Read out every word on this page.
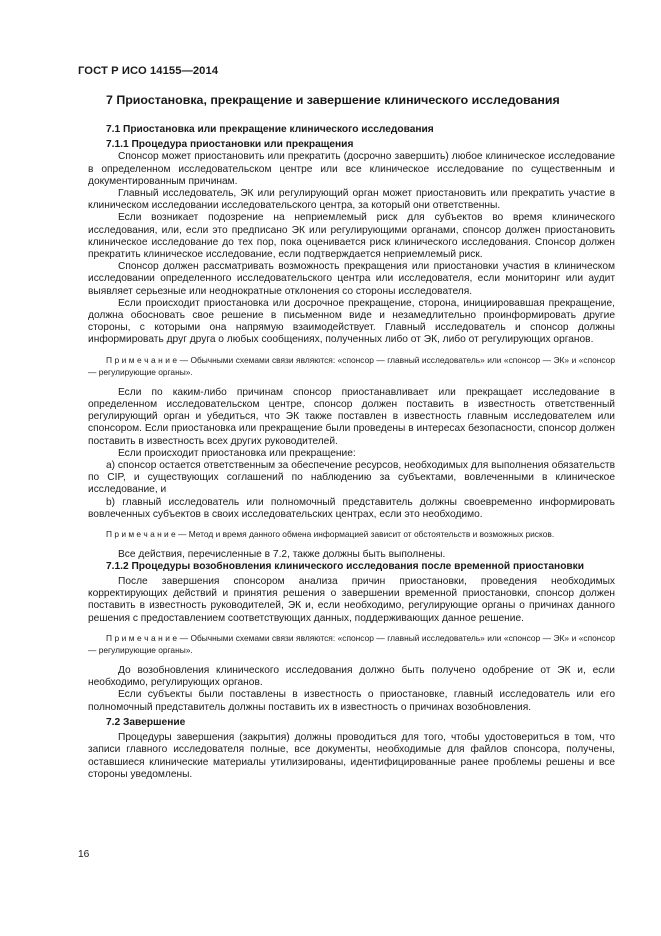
ГОСТ Р ИСО 14155—2014
7 Приостановка, прекращение и завершение клинического исследования
7.1 Приостановка или прекращение клинического исследования
7.1.1 Процедура приостановки или прекращения

Спонсор может приостановить или прекратить (досрочно завершить) любое клиническое исследование в определенном исследовательском центре или все клиническое исследование по существенным и документированным причинам.

Главный исследователь, ЭК или регулирующий орган может приостановить или прекратить участие в клиническом исследовании исследовательского центра, за который они ответственны.

Если возникает подозрение на неприемлемый риск для субъектов во время клинического исследования, или, если это предписано ЭК или регулирующими органами, спонсор должен приостановить клиническое исследование до тех пор, пока оценивается риск клинического исследования. Спонсор должен прекратить клиническое исследование, если подтверждается неприемлемый риск.

Спонсор должен рассматривать возможность прекращения или приостановки участия в клиническом исследовании определенного исследовательского центра или исследователя, если мониторинг или аудит выявляет серьезные или неоднократные отклонения со стороны исследователя.

Если происходит приостановка или досрочное прекращение, сторона, инициировавшая прекращение, должна обосновать свое решение в письменном виде и незамедлительно проинформировать другие стороны, с которыми она напрямую взаимодействует. Главный исследователь и спонсор должны информировать друг друга о любых сообщениях, полученных либо от ЭК, либо от регулирующих органов.

П р и м е ч а н и е — Обычными схемами связи являются: «спонсор — главный исследователь» или «спонсор — ЭК» и «спонсор — регулирующие органы».

Если по каким-либо причинам спонсор приостанавливает или прекращает исследование в определенном исследовательском центре, спонсор должен поставить в известность ответственный регулирующий орган и убедиться, что ЭК также поставлен в известность главным исследователем или спонсором. Если приостановка или прекращение были проведены в интересах безопасности, спонсор должен поставить в известность всех других руководителей.

Если происходит приостановка или прекращение:

a) спонсор остается ответственным за обеспечение ресурсов, необходимых для выполнения обязательств по CIP, и существующих соглашений по наблюдению за субъектами, вовлеченными в клиническое исследование, и

b) главный исследователь или полномочный представитель должны своевременно информировать вовлеченных субъектов в своих исследовательских центрах, если это необходимо.

П р и м е ч а н и е — Метод и время данного обмена информацией зависит от обстоятельств и возможных рисков.

Все действия, перечисленные в 7.2, также должны быть выполнены.

7.1.2 Процедуры возобновления клинического исследования после временной приостановки

После завершения спонсором анализа причин приостановки, проведения необходимых корректирующих действий и принятия решения о завершении временной приостановки, спонсор должен поставить в известность руководителей, ЭК и, если необходимо, регулирующие органы о причинах данного решения с предоставлением соответствующих данных, поддерживающих данное решение.

П р и м е ч а н и е — Обычными схемами связи являются: «спонсор — главный исследователь» или «спонсор — ЭК» и «спонсор — регулирующие органы».

До возобновления клинического исследования должно быть получено одобрение от ЭК и, если необходимо, регулирующих органов.

Если субъекты были поставлены в известность о приостановке, главный исследователь или его полномочный представитель должны поставить их в известность о причинах возобновления.

7.2 Завершение

Процедуры завершения (закрытия) должны проводиться для того, чтобы удостовериться в том, что записи главного исследователя полные, все документы, необходимые для файлов спонсора, получены, оставшиеся клинические материалы утилизированы, идентифицированные ранее проблемы решены и все стороны уведомлены.

16
